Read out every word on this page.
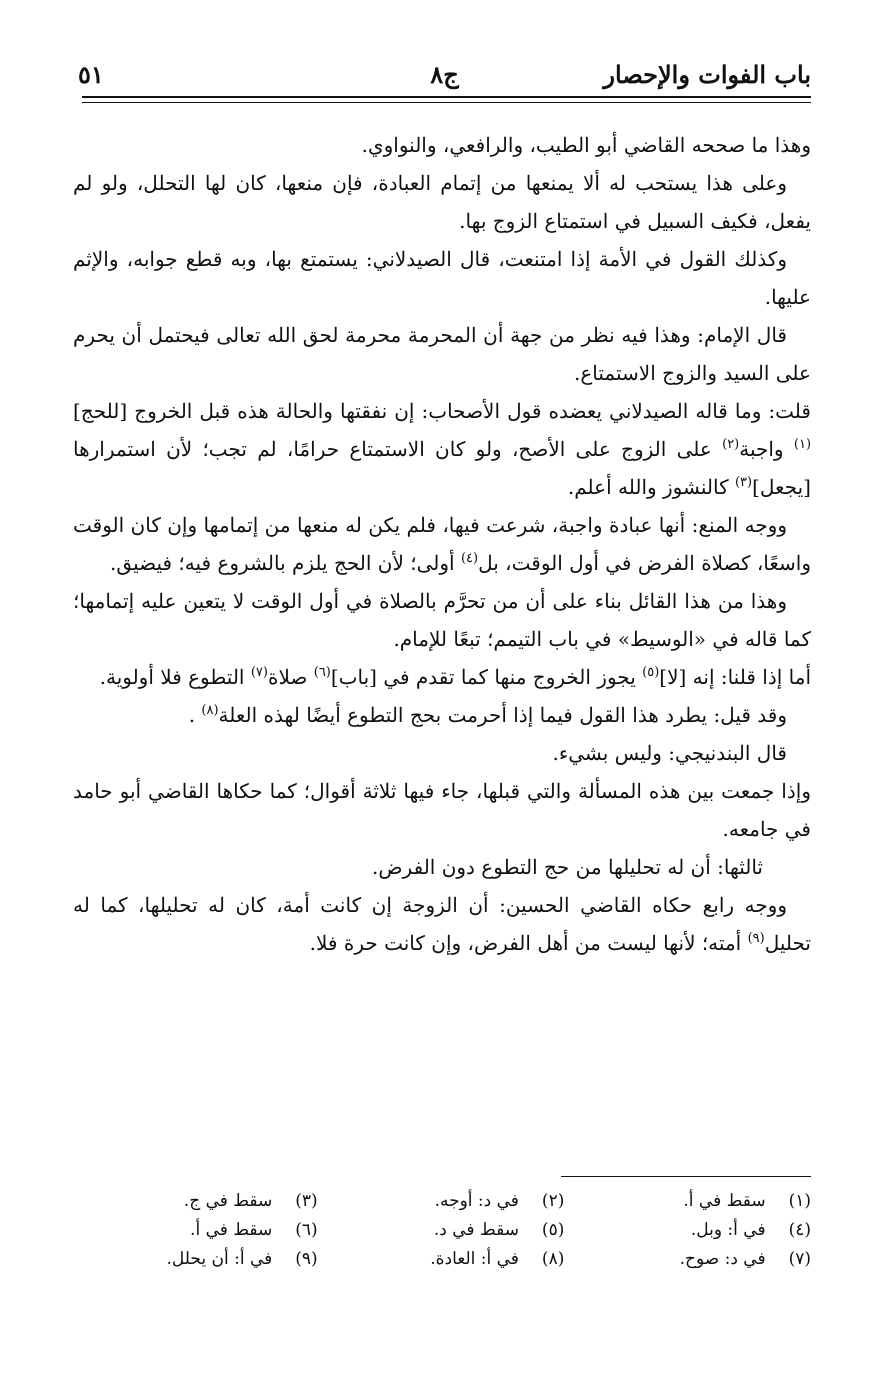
باب الفوات والإحصار
ج٨
٥١

وهذا ما صححه القاضي أبو الطيب، والرافعي، والنواوي.

وعلى هذا يستحب له ألا يمنعها من إتمام العبادة، فإن منعها، كان لها التحلل، ولو لم يفعل، فكيف السبيل في استمتاع الزوج بها.

وكذلك القول في الأمة إذا امتنعت، قال الصيدلاني: يستمتع بها، وبه قطع جوابه، والإثم عليها.

قال الإمام: وهذا فيه نظر من جهة أن المحرمة محرمة لحق الله تعالى فيحتمل أن يحرم على السيد والزوج الاستمتاع.

قلت: وما قاله الصيدلاني يعضده قول الأصحاب: إن نفقتها والحالة هذه قبل الخروج [للحج]$^{(١)}$ واجبة$^{(٢)}$ على الزوج على الأصح، ولو كان الاستمتاع حرامًا، لم تجب؛ لأن استمرارها [يجعل]$^{(٣)}$ كالنشوز والله أعلم.

ووجه المنع: أنها عبادة واجبة، شرعت فيها، فلم يكن له منعها من إتمامها وإن كان الوقت واسعًا، كصلاة الفرض في أول الوقت، بل$^{(٤)}$ أولى؛ لأن الحج يلزم بالشروع فيه؛ فيضيق.

وهذا من هذا القائل بناء على أن من تحرَّم بالصلاة في أول الوقت لا يتعين عليه إتمامها؛ كما قاله في «الوسيط» في باب التيمم؛ تبعًا للإمام.

أما إذا قلنا: إنه [لا]$^{(٥)}$ يجوز الخروج منها كما تقدم في [باب]$^{(٦)}$ صلاة$^{(٧)}$ التطوع فلا أولوية.

وقد قيل: يطرد هذا القول فيما إذا أحرمت بحج التطوع أيضًا لهذه العلة$^{(٨)}$ .

قال البندنيجي: وليس بشيء.

وإذا جمعت بين هذه المسألة والتي قبلها، جاء فيها ثلاثة أقوال؛ كما حكاها القاضي أبو حامد في جامعه.

ثالثها: أن له تحليلها من حج التطوع دون الفرض.

ووجه رابع حكاه القاضي الحسين: أن الزوجة إن كانت أمة، كان له تحليلها، كما له تحليل$^{(٩)}$ أمته؛ لأنها ليست من أهل الفرض، وإن كانت حرة فلا.

(١) سقط في أ.
(٢) في د: أوجه.
(٣) سقط في ج.
(٤) في أ: وبل.
(٥) سقط في د.
(٦) سقط في أ.
(٧) في د: صوح.
(٨) في أ: العادة.
(٩) في أ: أن يحلل.
